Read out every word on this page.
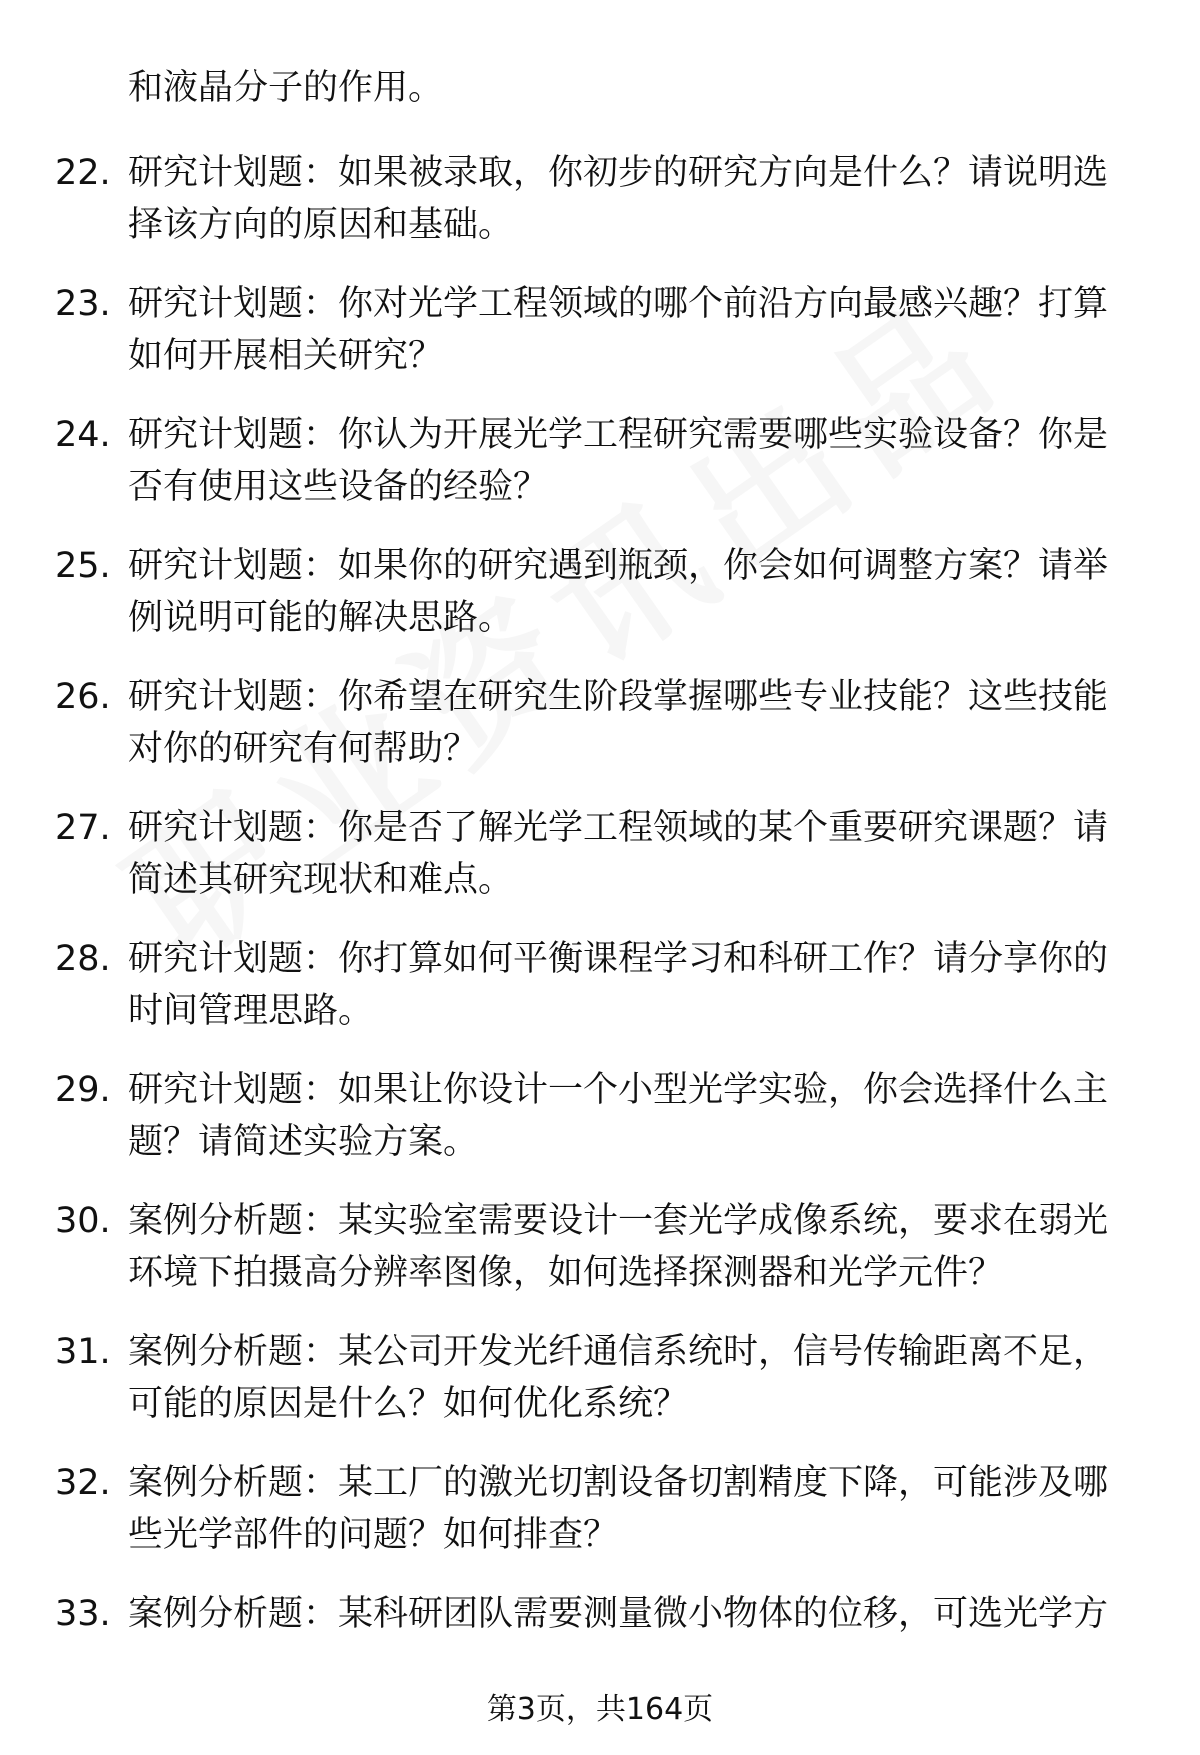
和液晶分子的作用。
22. 研究计划题：如果被录取，你初步的研究方向是什么？请说明选择该方向的原因和基础。
23. 研究计划题：你对光学工程领域的哪个前沿方向最感兴趣？打算如何开展相关研究？
24. 研究计划题：你认为开展光学工程研究需要哪些实验设备？你是否有使用这些设备的经验？
25. 研究计划题：如果你的研究遇到瓶颈，你会如何调整方案？请举例说明可能的解决思路。
26. 研究计划题：你希望在研究生阶段掌握哪些专业技能？这些技能对你的研究有何帮助？
27. 研究计划题：你是否了解光学工程领域的某个重要研究课题？请简述其研究现状和难点。
28. 研究计划题：你打算如何平衡课程学习和科研工作？请分享你的时间管理思路。
29. 研究计划题：如果让你设计一个小型光学实验，你会选择什么主题？请简述实验方案。
30. 案例分析题：某实验室需要设计一套光学成像系统，要求在弱光环境下拍摄高分辨率图像，如何选择探测器和光学元件？
31. 案例分析题：某公司开发光纤通信系统时，信号传输距离不足，可能的原因是什么？如何优化系统？
32. 案例分析题：某工厂的激光切割设备切割精度下降，可能涉及哪些光学部件的问题？如何排查？
33. 案例分析题：某科研团队需要测量微小物体的位移，可选光学方
第3页，共164页
